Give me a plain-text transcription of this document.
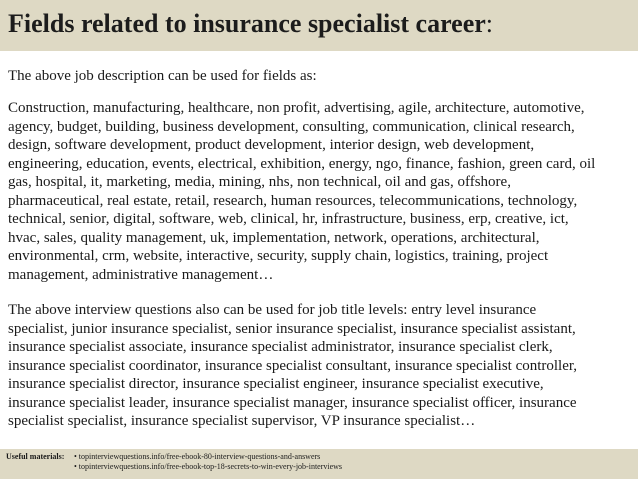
Fields related to insurance specialist career:
The above job description can be used for fields as:
Construction, manufacturing, healthcare, non profit, advertising, agile, architecture, automotive,
agency, budget, building, business development, consulting, communication, clinical research,
design, software development, product development, interior design, web development,
engineering, education, events, electrical, exhibition, energy, ngo, finance, fashion, green card, oil
gas, hospital, it, marketing, media, mining, nhs, non technical, oil and gas, offshore,
pharmaceutical, real estate, retail, research, human resources, telecommunications, technology,
technical, senior, digital, software, web, clinical, hr, infrastructure, business, erp, creative, ict,
hvac, sales, quality management, uk, implementation, network, operations, architectural,
environmental, crm, website, interactive, security, supply chain, logistics, training, project
management, administrative management…
The above interview questions also can be used for job title levels: entry level insurance
specialist, junior insurance specialist, senior insurance specialist, insurance specialist assistant,
insurance specialist associate, insurance specialist administrator, insurance specialist clerk,
insurance specialist coordinator, insurance specialist consultant, insurance specialist controller,
insurance specialist director, insurance specialist engineer, insurance specialist executive,
insurance specialist leader, insurance specialist manager, insurance specialist officer, insurance
specialist specialist, insurance specialist supervisor, VP insurance specialist…
Useful materials: • topinterviewquestions.info/free-ebook-80-interview-questions-and-answers
• topinterviewquestions.info/free-ebook-top-18-secrets-to-win-every-job-interviews
